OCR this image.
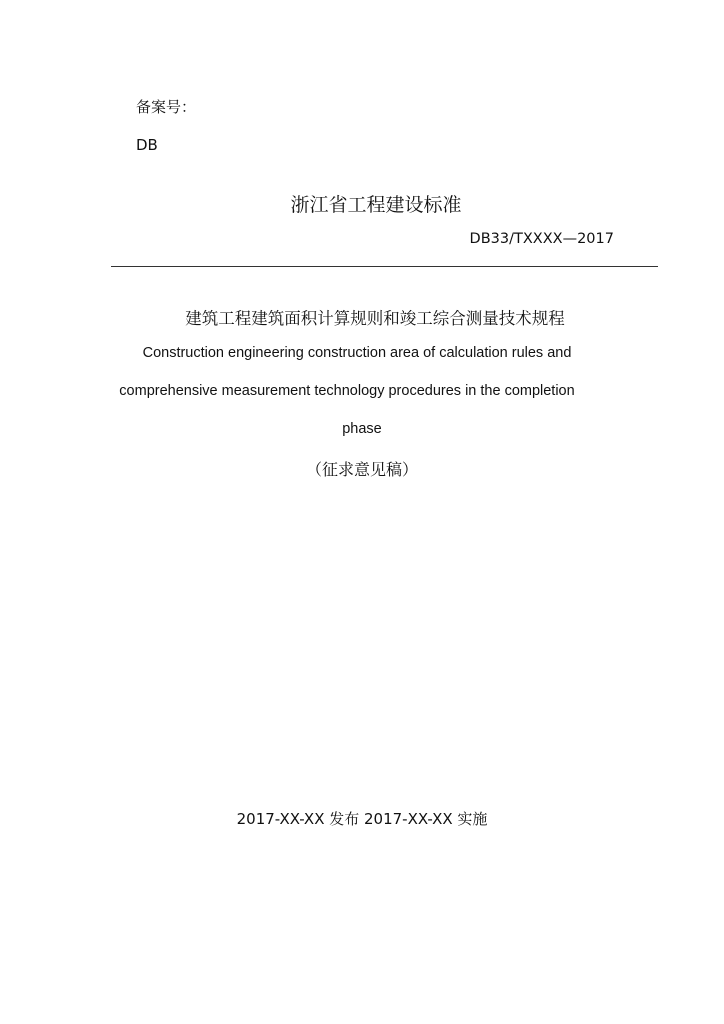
备案号：
DB
浙江省工程建设标准
DB33/TXXXX—2017
建筑工程建筑面积计算规则和竣工综合测量技术规程
Construction engineering construction area of calculation rules and
comprehensive measurement technology procedures in the completion
phase
（征求意见稿）
2017-XX-XX 发布 2017-XX-XX 实施
